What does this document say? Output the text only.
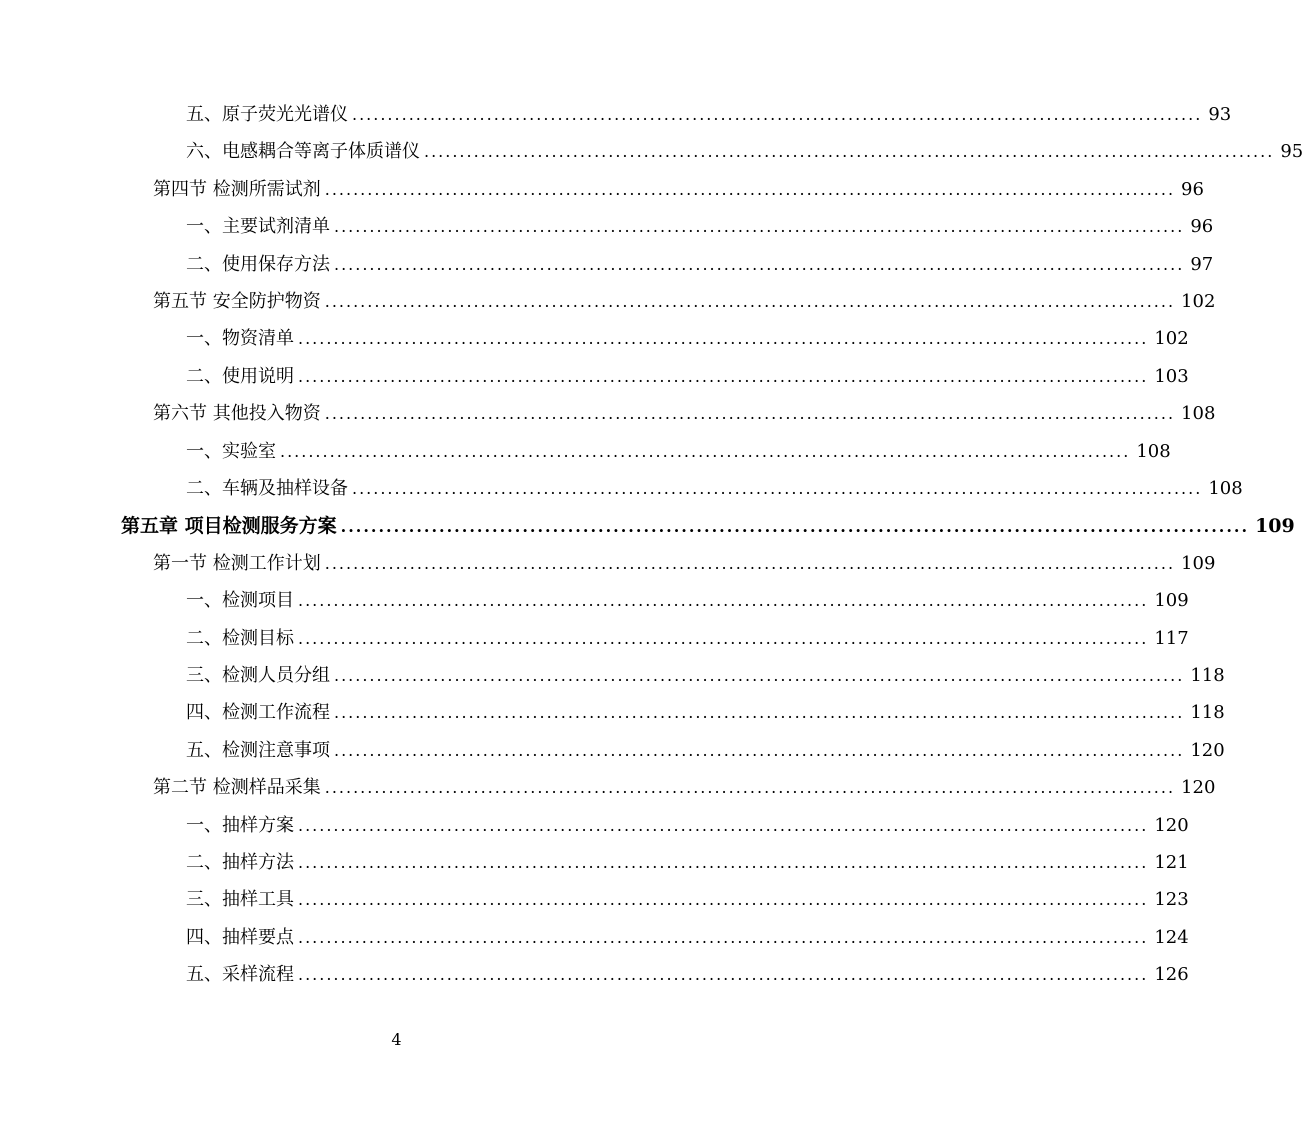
五、原子荧光光谱仪 ........................................................................................................................ 93
六、电感耦合等离子体质谱仪 ........................................................................................................................ 95
第四节 检测所需试剂 ........................................................................................................................ 96
一、主要试剂清单 ........................................................................................................................ 96
二、使用保存方法 ........................................................................................................................ 97
第五节 安全防护物资 ........................................................................................................................ 102
一、物资清单 ........................................................................................................................ 102
二、使用说明 ........................................................................................................................ 103
第六节 其他投入物资 ........................................................................................................................ 108
一、实验室 ........................................................................................................................ 108
二、车辆及抽样设备 ........................................................................................................................ 108
第五章 项目检测服务方案 ........................................................................................................................ 109
第一节 检测工作计划 ........................................................................................................................ 109
一、检测项目 ........................................................................................................................ 109
二、检测目标 ........................................................................................................................ 117
三、检测人员分组 ........................................................................................................................ 118
四、检测工作流程 ........................................................................................................................ 118
五、检测注意事项 ........................................................................................................................ 120
第二节 检测样品采集 ........................................................................................................................ 120
一、抽样方案 ........................................................................................................................ 120
二、抽样方法 ........................................................................................................................ 121
三、抽样工具 ........................................................................................................................ 123
四、抽样要点 ........................................................................................................................ 124
五、采样流程 ........................................................................................................................ 126
4
